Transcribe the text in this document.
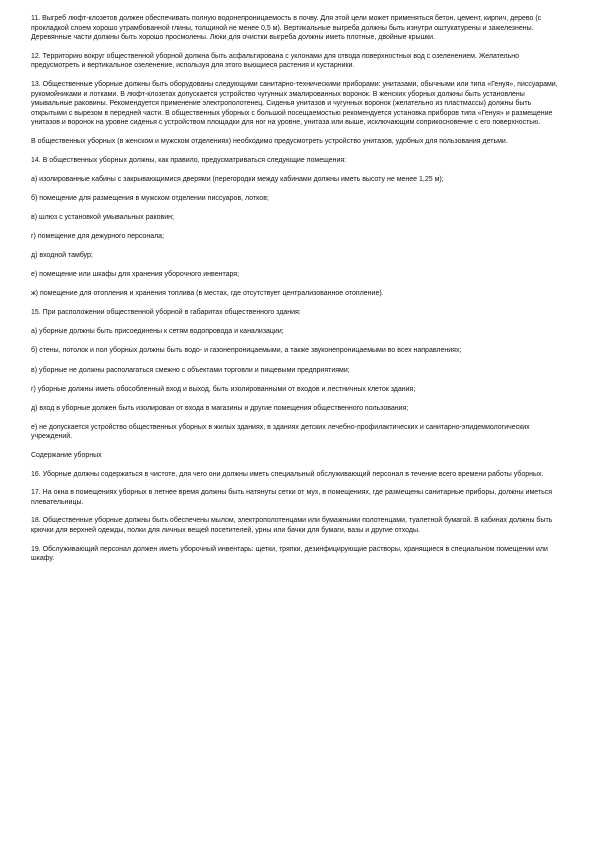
11. Выгреб люфт-клозетов должен обеспечивать полную водонепроницаемость в почву. Для этой цели может применяться бетон, цемент, кирпич, дерево (с прокладкой слоем хорошо утрамбованной глины, толщиной не менее 0,5 м). Вертикальные выгреба должны быть изнутри оштукатурены и зажелезнены. Деревянные части должны быть хорошо просмолены. Люки для очистки выгреба должны иметь плотные, двойные крышки.

12. Территорию вокруг общественной уборной должна быть асфальтирована с уклонами для отвода поверхностных вод с озеленением. Желательно предусмотреть и вертикальное озеленение, используя для этого вьющиеся растения и кустарники.

13. Общественные уборные должны быть оборудованы следующими санитарно-техническими приборами: унитазами, обычными или типа «Генуя», писсуарами, рукомойниками и лотками. В люфт-клозетах допускается устройство чугунных эмалированных воронок. В женских уборных должны быть установлены умывальные раковины. Рекомендуется применение электрополотенец. Сиденья унитазов и чугунных воронок (желательно из пластмассы) должны быть открытыми с вырезом в передней части. В общественных уборных с большой посещаемостью рекомендуется установка приборов типа «Генуя» и размещение унитазов и воронок на уровне сиденья с устройством площадки для ног на уровне, унитаза или выше, исключающим соприкосновение с его поверхностью.

В общественных уборных (в женском и мужском отделениях) необходимо предусмотреть устройство унитазов, удобных для пользования детьми.

14. В общественных уборных должны, как правило, предусматриваться следующие помещения:

а) изолированные кабины с закрывающимися дверями (перегородки между кабинами должны иметь высоту не менее 1,25 м);

б) помещение для размещения в мужском отделении писсуаров, лотков;

в) шлюз с установкой умывальных раковин;

г) помещение для дежурного персонала;

д) входной тамбур;

е) помещение или шкафы для хранения уборочного инвентаря;

ж) помещение для отопления и хранения топлива (в местах, где отсутствует централизованное отопление).

15. При расположении общественной уборной в габаритах общественного здания:

а) уборные должны быть присоединены к сетям водопровода и канализации;

б) стены, потолок и пол уборных должны быть водо- и газонепроницаемыми, а также звуконепроницаемыми во всех направлениях;

в) уборные не должны располагаться смежно с объектами торговли и пищевыми предприятиями;

г) уборные должны иметь обособленный вход и выход, быть изолированными от входов и лестничных клеток здания;

д) вход в уборные должен быть изолирован от входа в магазины и другие помещения общественного пользования;

е) не допускается устройство общественных уборных в жилых зданиях, в зданиях детских лечебно-профилактических и санитарно-эпидемиологических учреждений.

Содержание уборных

16. Уборные должны содержаться в чистоте, для чего они должны иметь специальный обслуживающий персонал в течение всего времени работы уборных.

17. На окна в помещениях уборных в летнее время должны быть натянуты сетки от мух, в помещениях, где размещены санитарные приборы, должны иметься плевательницы.

18. Общественные уборные должны быть обеспечены мылом, электрополотенцами или бумажными полотенцами, туалетной бумагой. В кабинах должны быть крючки для верхней одежды, полки для личных вещей посетителей, урны или бачки для бумаги, вазы и другие отходы.

19. Обслуживающий персонал должен иметь уборочный инвентарь: щетки, тряпки, дезинфицирующие растворы, хранящиеся в специальном помещении или шкафу.
